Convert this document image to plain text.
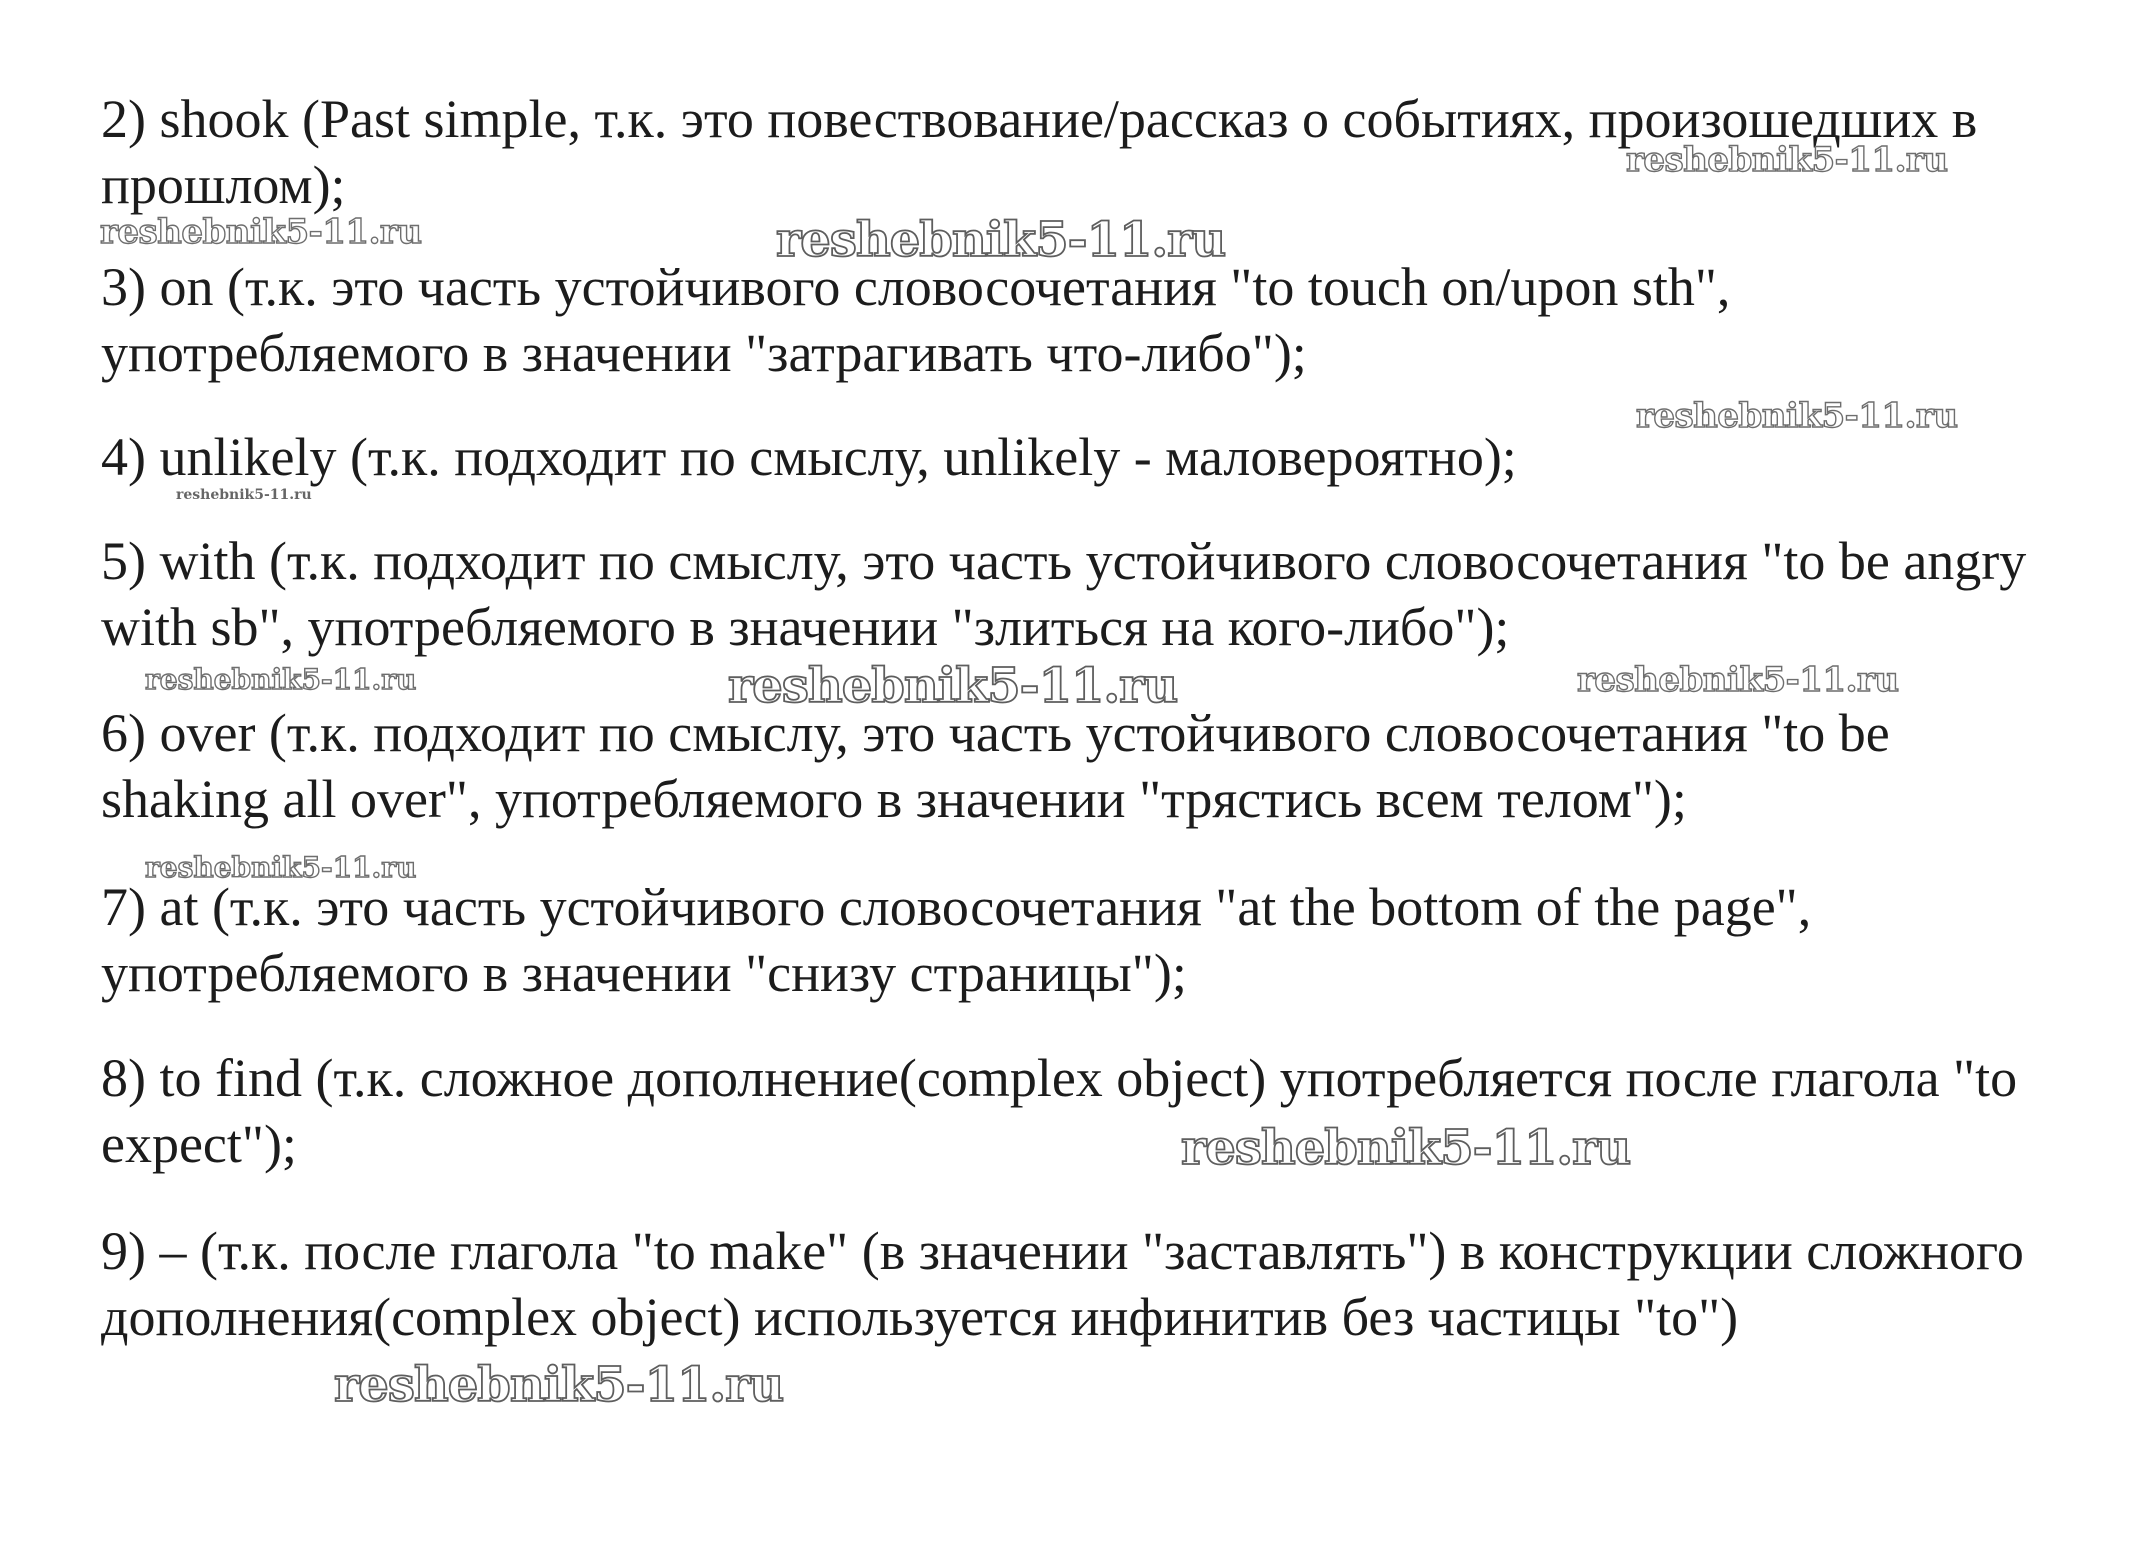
2) shook (Past simple, т.к. это повествование/рассказ о событиях, произошедших в прошлом);

3) on (т.к. это часть устойчивого словосочетания "to touch on/upon sth", употребляемого в значении "затрагивать что-либо");

4) unlikely (т.к. подходит по смыслу, unlikely - маловероятно);

5) with (т.к. подходит по смыслу, это часть устойчивого словосочетания "to be angry with sb", употребляемого в значении "злиться на кого-либо");

6) over (т.к. подходит по смыслу, это часть устойчивого словосочетания "to be shaking all over", употребляемого в значении "трястись всем телом");

7) at (т.к. это часть устойчивого словосочетания "at the bottom of the page", употребляемого в значении "снизу страницы");

8) to find (т.к. сложное дополнение(complex object) употребляется после глагола "to expect");

9) – (т.к. после глагола "to make" (в значении "заставлять") в конструкции сложного дополнения(complex object) используется инфинитив без частицы "to")

reshebnik5-11.ru
reshebnik5-11.ru	reshebnik5-11.ru
reshebnik5-11.ru
reshebnik5-11.ru
reshebnik5-11.ru	reshebnik5-11.ru	reshebnik5-11.ru
reshebnik5-11.ru
reshebnik5-11.ru
reshebnik5-11.ru
